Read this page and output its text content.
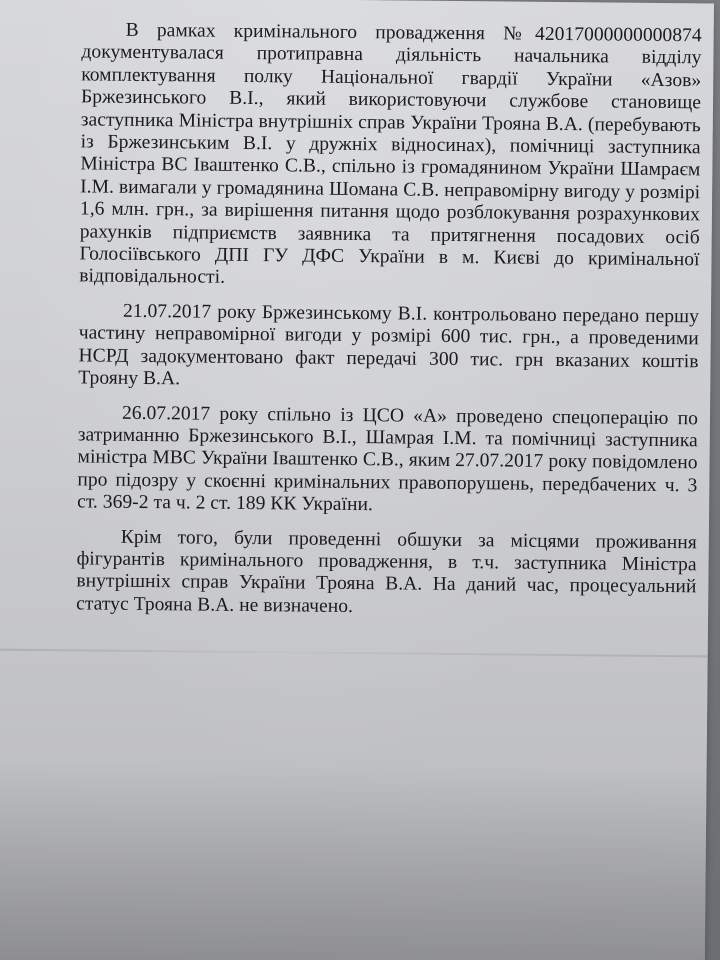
В рамках кримінального провадження №42017000000000874 документувалася протиправна діяльність начальника відділу комплектування полку Національної гвардії України «Азов» Бржезинського В.І., який використовуючи службове становище заступника Міністра внутрішніх справ України Трояна В.А. (перебувають із Бржезинським В.І. у дружніх відносинах), помічниці заступника Міністра ВС Іваштенко С.В., спільно із громадянином України Шамраєм І.М. вимагали у громадянина Шомана С.В. неправомірну вигоду у розмірі 1,6 млн. грн., за вирішення питання щодо розблокування розрахункових рахунків підприємств заявника та притягнення посадових осіб Голосіївського ДПІ ГУ ДФС України в м. Києві до кримінальної відповідальності.

21.07.2017 року Бржезинському В.І. контрольовано передано першу частину неправомірної вигоди у розмірі 600 тис. грн., а проведеними НСРД задокументовано факт передачі 300 тис. грн вказаних коштів Трояну В.А.

26.07.2017 року спільно із ЦСО «А» проведено спецоперацію по затриманню Бржезинського В.І., Шамрая І.М. та помічниці заступника міністра МВС України Іваштенко С.В., яким 27.07.2017 року повідомлено про підозру у скоєнні кримінальних правопорушень, передбачених ч. 3 ст. 369-2 та ч. 2 ст. 189 КК України.

Крім того, були проведенні обшуки за місцями проживання фігурантів кримінального провадження, в т.ч. заступника Міністра внутрішніх справ України Трояна В.А. На даний час, процесуальний статус Трояна В.А. не визначено.
